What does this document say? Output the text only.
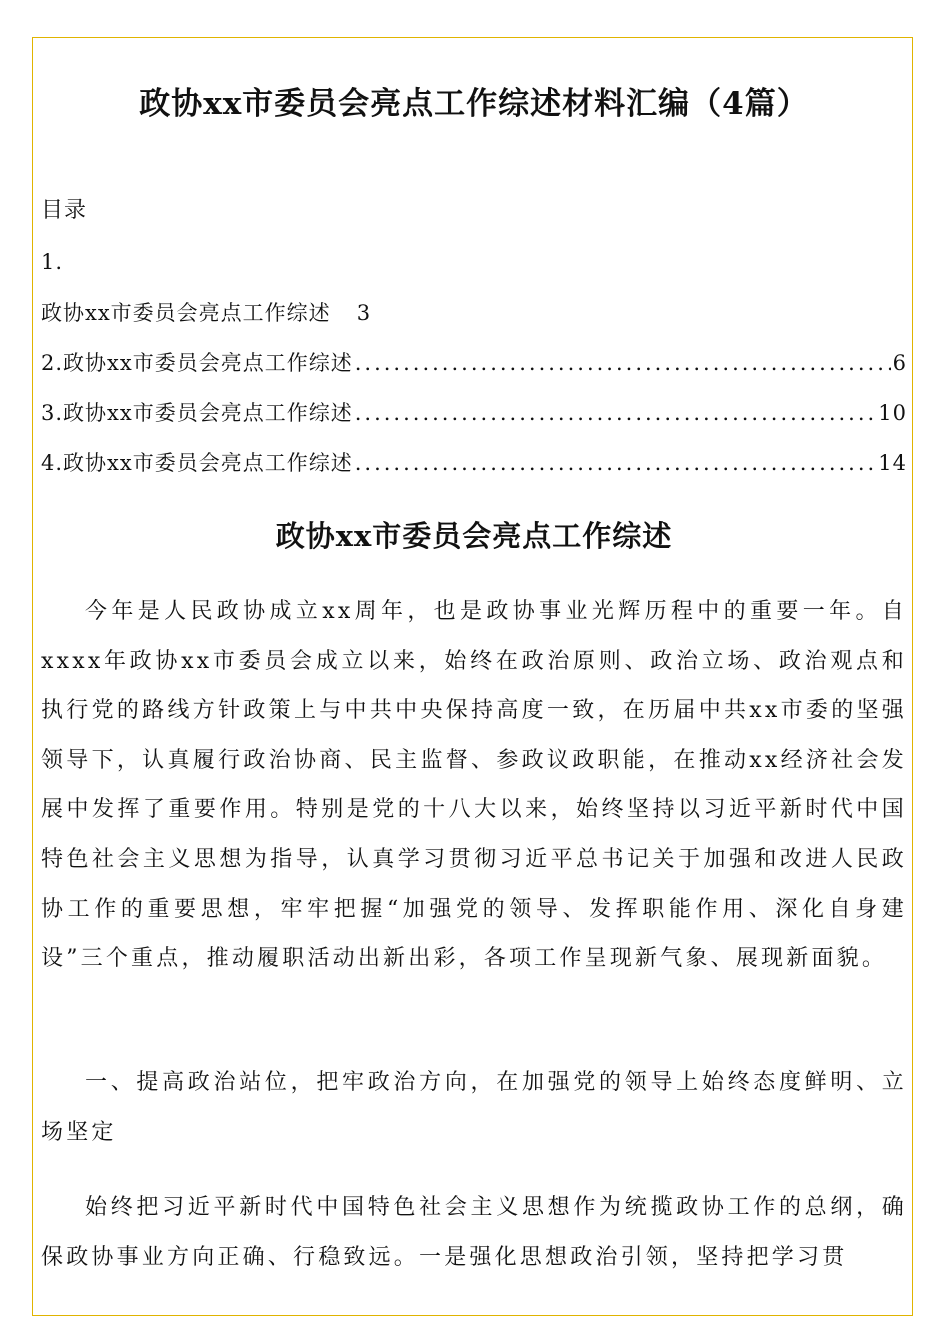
政协xx市委员会亮点工作综述材料汇编（4篇）
目录
1.
政协xx市委员会亮点工作综述 3
2.政协xx市委员会亮点工作综述 .....	6
3.政协xx市委员会亮点工作综述 .....	10
4.政协xx市委员会亮点工作综述 .....	14
政协xx市委员会亮点工作综述

今年是人民政协成立xx周年，也是政协事业光辉历程中的重要一年。自xxxx年政协xx市委员会成立以来，始终在政治原则、政治立场、政治观点和执行党的路线方针政策上与中共中央保持高度一致，在历届中共xx市委的坚强领导下，认真履行政治协商、民主监督、参政议政职能，在推动xx经济社会发展中发挥了重要作用。特别是党的十八大以来，始终坚持以习近平新时代中国特色社会主义思想为指导，认真学习贯彻习近平总书记关于加强和改进人民政协工作的重要思想，牢牢把握“加强党的领导、发挥职能作用、深化自身建设”三个重点，推动履职活动出新出彩，各项工作呈现新气象、展现新面貌。

一、提高政治站位，把牢政治方向，在加强党的领导上始终态度鲜明、立场坚定

始终把习近平新时代中国特色社会主义思想作为统揽政协工作的总纲，确保政协事业方向正确、行稳致远。一是强化思想政治引领，坚持把学习贯
